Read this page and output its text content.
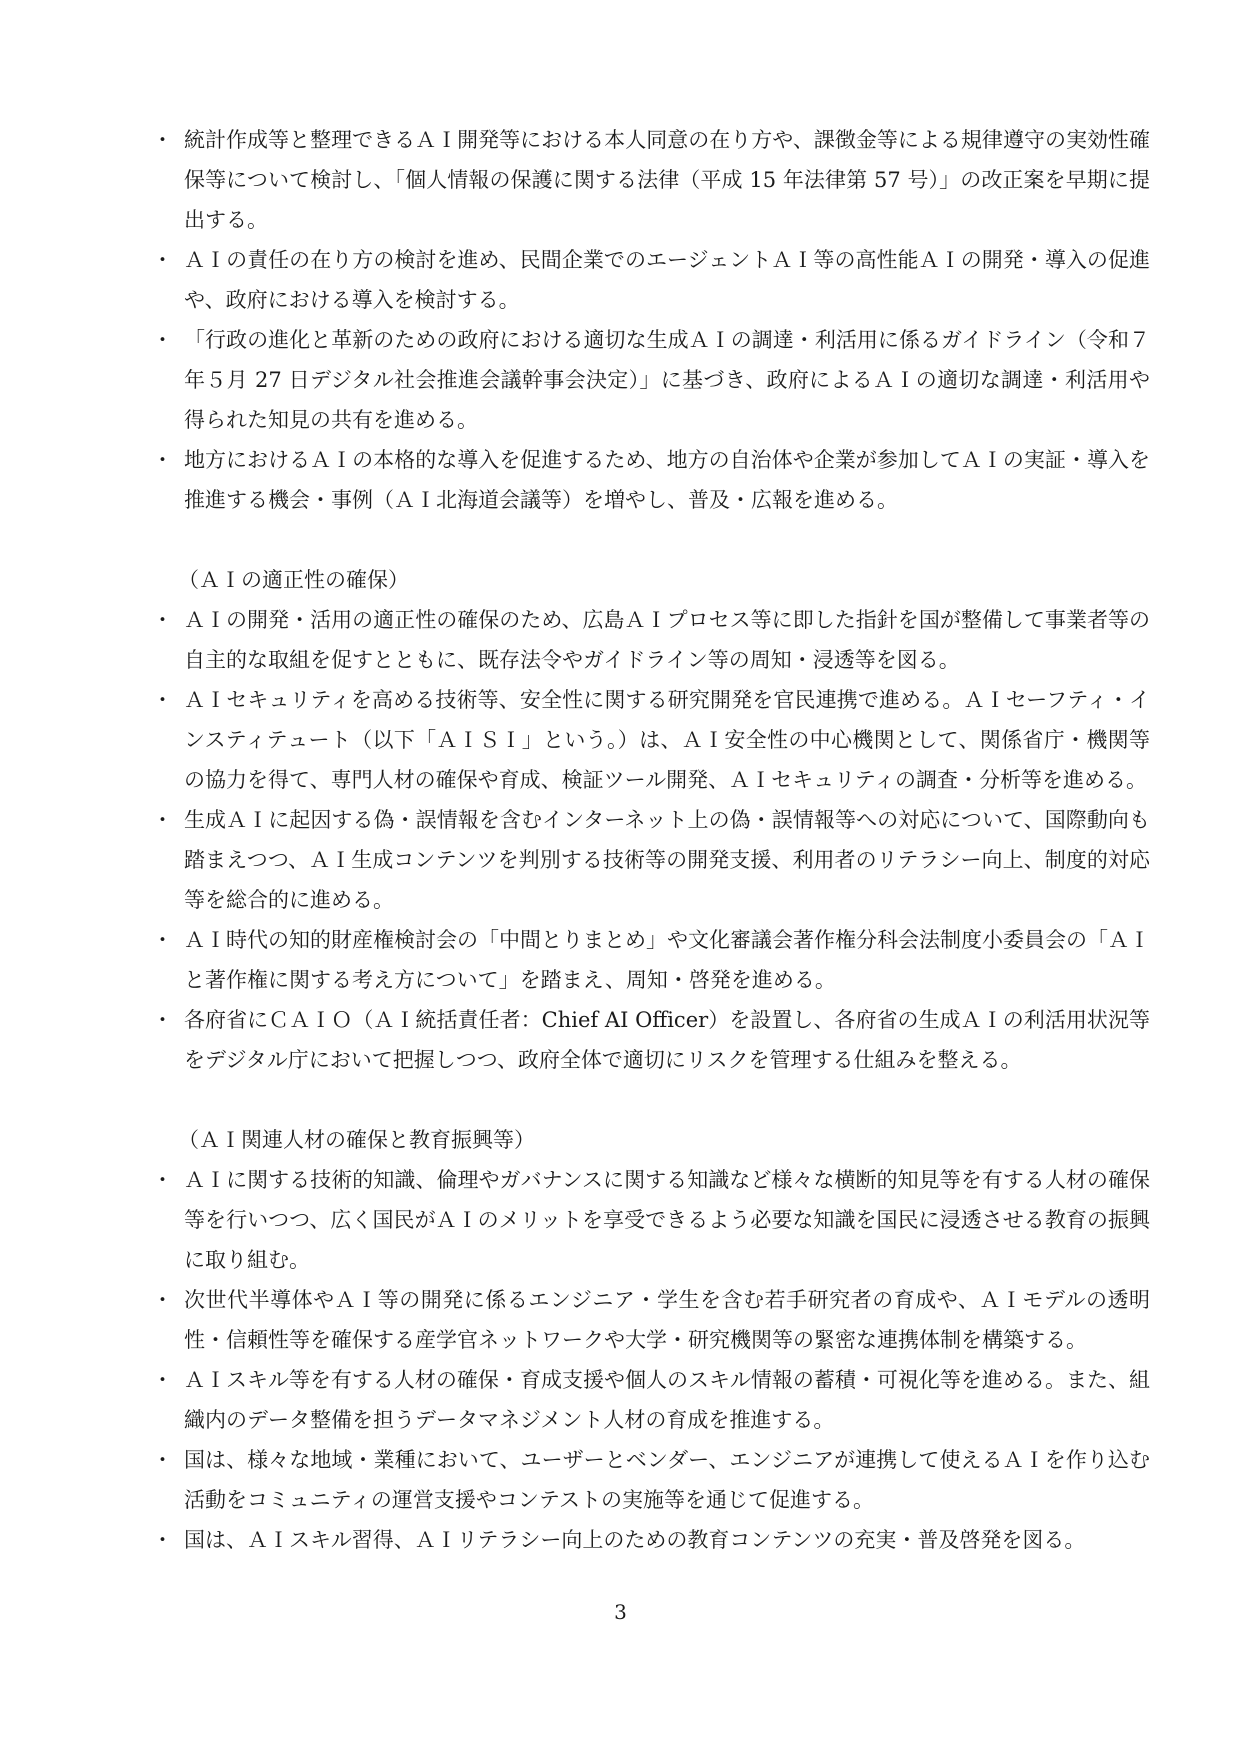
・ 統計作成等と整理できるＡＩ開発等における本人同意の在り方や、課徴金等による規律遵守の実効性確保等について検討し、「個人情報の保護に関する法律（平成 15 年法律第 57 号）」の改正案を早期に提出する。

・ ＡＩの責任の在り方の検討を進め、民間企業でのエージェントＡＩ等の高性能ＡＩの開発・導入の促進や、政府における導入を検討する。

・ 「行政の進化と革新のための政府における適切な生成ＡＩの調達・利活用に係るガイドライン（令和７年５月 27 日デジタル社会推進会議幹事会決定）」に基づき、政府によるＡＩの適切な調達・利活用や得られた知見の共有を進める。

・ 地方におけるＡＩの本格的な導入を促進するため、地方の自治体や企業が参加してＡＩの実証・導入を推進する機会・事例（ＡＩ北海道会議等）を増やし、普及・広報を進める。

（ＡＩの適正性の確保）

・ ＡＩの開発・活用の適正性の確保のため、広島ＡＩプロセス等に即した指針を国が整備して事業者等の自主的な取組を促すとともに、既存法令やガイドライン等の周知・浸透等を図る。

・ ＡＩセキュリティを高める技術等、安全性に関する研究開発を官民連携で進める。ＡＩセーフティ・インスティテュート（以下「ＡＩＳＩ」という。）は、ＡＩ安全性の中心機関として、関係省庁・機関等の協力を得て、専門人材の確保や育成、検証ツール開発、ＡＩセキュリティの調査・分析等を進める。

・ 生成ＡＩに起因する偽・誤情報を含むインターネット上の偽・誤情報等への対応について、国際動向も踏まえつつ、ＡＩ生成コンテンツを判別する技術等の開発支援、利用者のリテラシー向上、制度的対応等を総合的に進める。

・ ＡＩ時代の知的財産権検討会の「中間とりまとめ」や文化審議会著作権分科会法制度小委員会の「ＡＩと著作権に関する考え方について」を踏まえ、周知・啓発を進める。

・ 各府省にＣＡＩＯ（ＡＩ統括責任者：Chief AI Officer）を設置し、各府省の生成ＡＩの利活用状況等をデジタル庁において把握しつつ、政府全体で適切にリスクを管理する仕組みを整える。

（ＡＩ関連人材の確保と教育振興等）

・ ＡＩに関する技術的知識、倫理やガバナンスに関する知識など様々な横断的知見等を有する人材の確保等を行いつつ、広く国民がＡＩのメリットを享受できるよう必要な知識を国民に浸透させる教育の振興に取り組む。

・ 次世代半導体やＡＩ等の開発に係るエンジニア・学生を含む若手研究者の育成や、ＡＩモデルの透明性・信頼性等を確保する産学官ネットワークや大学・研究機関等の緊密な連携体制を構築する。

・ ＡＩスキル等を有する人材の確保・育成支援や個人のスキル情報の蓄積・可視化等を進める。また、組織内のデータ整備を担うデータマネジメント人材の育成を推進する。

・ 国は、様々な地域・業種において、ユーザーとベンダー、エンジニアが連携して使えるＡＩを作り込む活動をコミュニティの運営支援やコンテストの実施等を通じて促進する。

・ 国は、ＡＩスキル習得、ＡＩリテラシー向上のための教育コンテンツの充実・普及啓発を図る。

3
